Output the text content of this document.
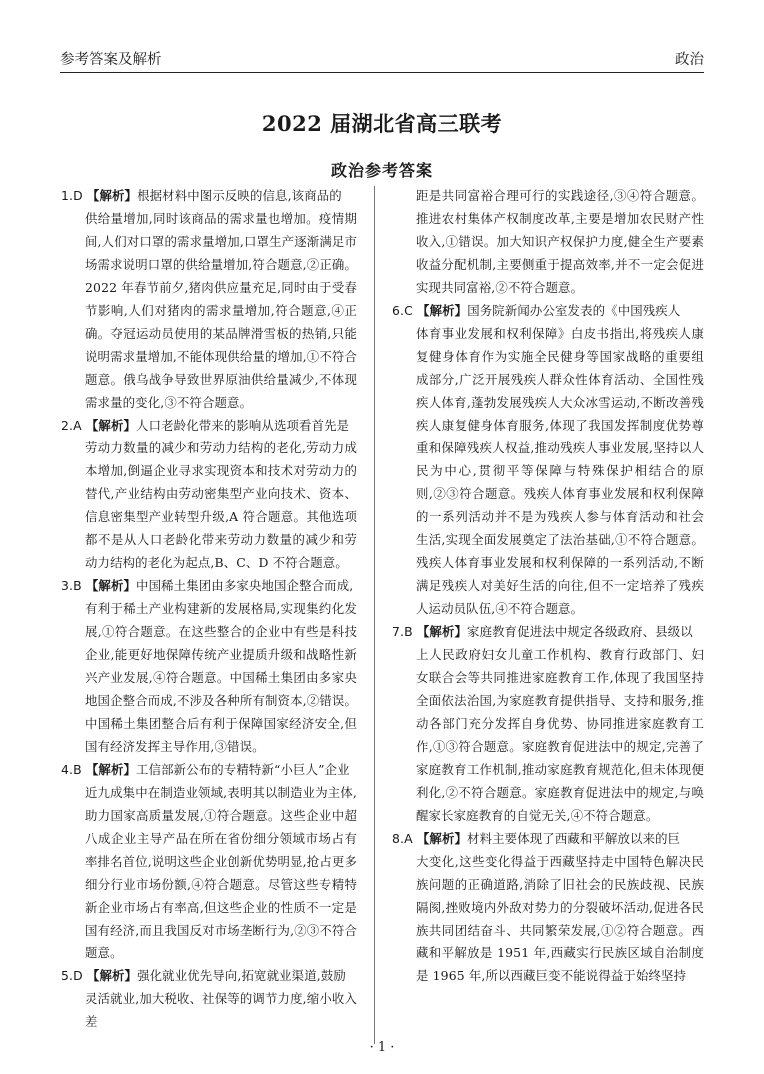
参考答案及解析	政治
2022 届湖北省高三联考
政治参考答案
1.D 【解析】根据材料中图示反映的信息,该商品的
供给量增加,同时该商品的需求量也增加。疫情期间,人们对口罩的需求量增加,口罩生产逐渐满足市场需求说明口罩的供给量增加,符合题意,②正确。2022 年春节前夕,猪肉供应量充足,同时由于受春节影响,人们对猪肉的需求量增加,符合题意,④正确。夺冠运动员使用的某品牌滑雪板的热销,只能说明需求量增加,不能体现供给量的增加,①不符合题意。俄乌战争导致世界原油供给量减少,不体现需求量的变化,③不符合题意。
2.A 【解析】人口老龄化带来的影响从选项看首先是
劳动力数量的减少和劳动力结构的老化,劳动力成本增加,倒逼企业寻求实现资本和技术对劳动力的替代,产业结构由劳动密集型产业向技术、资本、信息密集型产业转型升级,A 符合题意。其他选项都不是从人口老龄化带来劳动力数量的减少和劳动力结构的老化为起点,B、C、D 不符合题意。
3.B 【解析】中国稀土集团由多家央地国企整合而成,
有利于稀土产业构建新的发展格局,实现集约化发展,①符合题意。在这些整合的企业中有些是科技企业,能更好地保障传统产业提质升级和战略性新兴产业发展,④符合题意。中国稀土集团由多家央地国企整合而成,不涉及各种所有制资本,②错误。中国稀土集团整合后有利于保障国家经济安全,但国有经济发挥主导作用,③错误。
4.B 【解析】工信部新公布的专精特新“小巨人”企业
近九成集中在制造业领域,表明其以制造业为主体,助力国家高质量发展,①符合题意。这些企业中超八成企业主导产品在所在省份细分领域市场占有率排名首位,说明这些企业创新优势明显,抢占更多细分行业市场份额,④符合题意。尽管这些专精特新企业市场占有率高,但这些企业的性质不一定是国有经济,而且我国反对市场垄断行为,②③不符合题意。
5.D 【解析】强化就业优先导向,拓宽就业渠道,鼓励
灵活就业,加大税收、社保等的调节力度,缩小收入差
距是共同富裕合理可行的实践途径,③④符合题意。推进农村集体产权制度改革,主要是增加农民财产性收入,①错误。加大知识产权保护力度,健全生产要素收益分配机制,主要侧重于提高效率,并不一定会促进实现共同富裕,②不符合题意。
6.C 【解析】国务院新闻办公室发表的《中国残疾人
体育事业发展和权利保障》白皮书指出,将残疾人康复健身体育作为实施全民健身等国家战略的重要组成部分,广泛开展残疾人群众性体育活动、全国性残疾人体育,蓬勃发展残疾人大众冰雪运动,不断改善残疾人康复健身体育服务,体现了我国发挥制度优势尊重和保障残疾人权益,推动残疾人事业发展,坚持以人民为中心,贯彻平等保障与特殊保护相结合的原则,②③符合题意。残疾人体育事业发展和权利保障的一系列活动并不是为残疾人参与体育活动和社会生活,实现全面发展奠定了法治基础,①不符合题意。残疾人体育事业发展和权利保障的一系列活动,不断满足残疾人对美好生活的向往,但不一定培养了残疾人运动员队伍,④不符合题意。
7.B 【解析】家庭教育促进法中规定各级政府、县级以
上人民政府妇女儿童工作机构、教育行政部门、妇女联合会等共同推进家庭教育工作,体现了我国坚持全面依法治国,为家庭教育提供指导、支持和服务,推动各部门充分发挥自身优势、协同推进家庭教育工作,①③符合题意。家庭教育促进法中的规定,完善了家庭教育工作机制,推动家庭教育规范化,但未体现便利化,②不符合题意。家庭教育促进法中的规定,与唤醒家长家庭教育的自觉无关,④不符合题意。
8.A 【解析】材料主要体现了西藏和平解放以来的巨
大变化,这些变化得益于西藏坚持走中国特色解决民族问题的正确道路,消除了旧社会的民族歧视、民族隔阂,挫败境内外敌对势力的分裂破坏活动,促进各民族共同团结奋斗、共同繁荣发展,①②符合题意。西藏和平解放是 1951 年,西藏实行民族区域自治制度是 1965 年,所以西藏巨变不能说得益于始终坚持
· 1 ·
